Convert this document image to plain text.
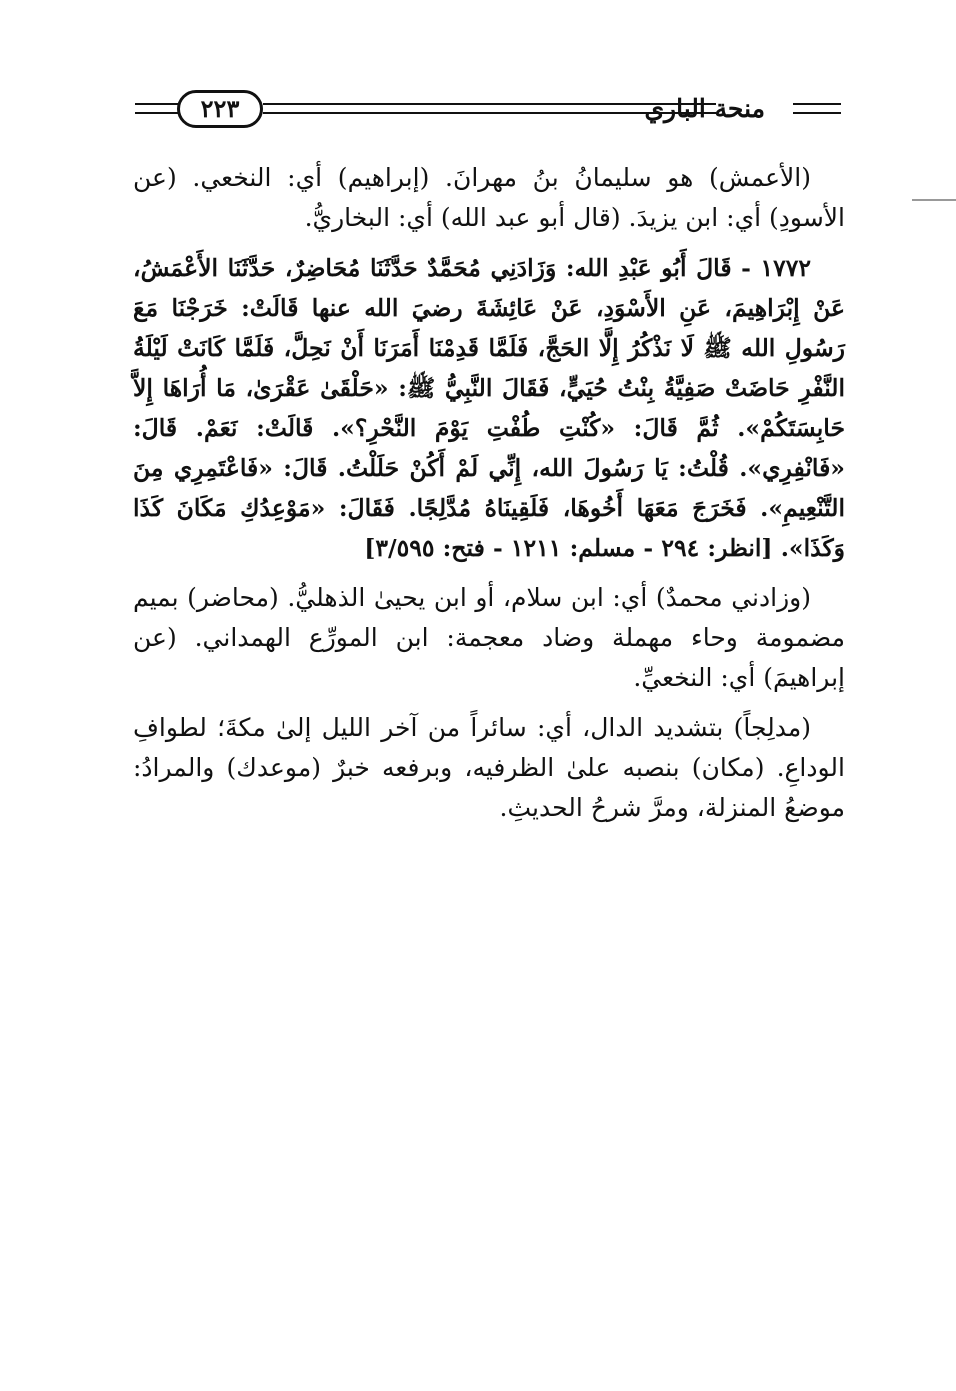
منحة الباري
٢٢٣

(الأعمش) هو سليمانُ بنُ مهرانَ. (إبراهيم) أي: النخعي. (عن الأسودِ) أي: ابن يزيدَ. (قال أبو عبد الله) أي: البخاريُّ.

١٧٧٢ - قَالَ أَبُو عَبْدِ الله: وَزَادَنِي مُحَمَّدٌ حَدَّثَنَا مُحَاضِرٌ، حَدَّثَنَا الأَعْمَشُ، عَنْ إِبْرَاهِيمَ، عَنِ الأَسْوَدِ، عَنْ عَائِشَةَ رضيَ الله عنها قَالَتْ: خَرَجْنَا مَعَ رَسُولِ الله ﷺ لَا نَذْكُرُ إِلَّا الحَجَّ، فَلَمَّا قَدِمْنَا أَمَرَنَا أَنْ نَحِلَّ، فَلَمَّا كَانَتْ لَيْلَةُ النَّفْرِ حَاضَتْ صَفِيَّةُ بِنْتُ حُيَيٍّ، فَقَالَ النَّبِيُّ ﷺ: «حَلْقَىٰ عَقْرَىٰ، مَا أُرَاهَا إِلاَّ حَابِسَتَكُمْ». ثُمَّ قَالَ: «كُنْتِ طُفْتِ يَوْمَ النَّحْرِ؟». قَالَتْ: نَعَمْ. قَالَ: «فَانْفِرِي». قُلْتُ: يَا رَسُولَ الله، إِنِّي لَمْ أَكُنْ حَلَلْتُ. قَالَ: «فَاعْتَمِرِي مِنَ التَّنْعِيمِ». فَخَرَجَ مَعَهَا أَخُوهَا، فَلَقِينَاهُ مُدَّلِجًا. فَقَالَ: «مَوْعِدُكِ مَكَانَ كَذَا وَكَذَا». [انظر: ٢٩٤ - مسلم: ١٢١١ - فتح: ٣/٥٩٥]

(وزادني محمدٌ) أي: ابن سلام، أو ابن يحيىٰ الذهليُّ. (محاضر) بميم مضمومة وحاء مهملة وضاد معجمة: ابن المورِّع الهمداني. (عن إبراهيمَ) أي: النخعيِّ.

(مدلِجاً) بتشديد الدال، أي: سائراً من آخر الليل إلىٰ مكةَ؛ لطوافِ الوداعِ. (مكان) بنصبه علىٰ الظرفيه، وبرفعه خبرٌ (موعدك) والمرادُ: موضعُ المنزلة، ومرَّ شرحُ الحديثِ.
